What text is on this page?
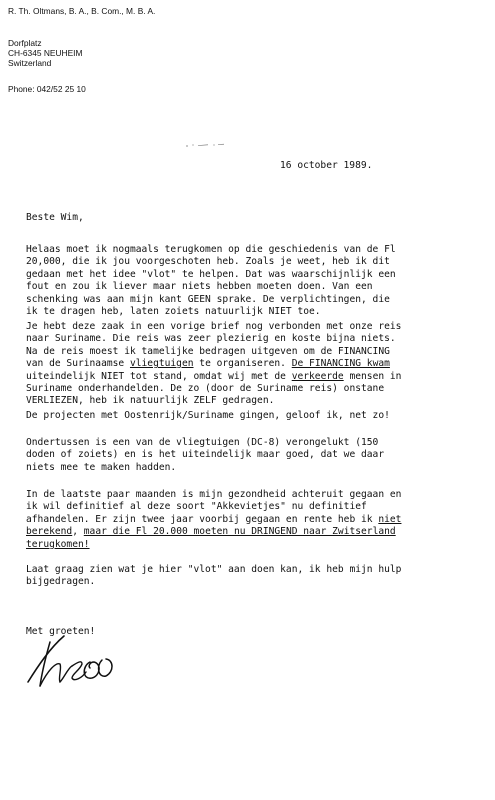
R. Th. Oltmans, B. A., B. Com., M. B. A.
Dorfplatz
CH-6345 NEUHEIM
Switzerland
Phone: 042/52 25 10
16 october 1989.
Beste Wim,
Helaas moet ik nogmaals terugkomen op die geschiedenis van de Fl
20,000, die ik jou voorgeschoten heb. Zoals je weet, heb ik dit
gedaan met het idee "vlot" te helpen. Dat was waarschijnlijk een
fout en zou ik liever maar niets hebben moeten doen. Van een
schenking was aan mijn kant GEEN sprake. De verplichtingen, die
ik te dragen heb, laten zoiets natuurlijk NIET toe.
Je hebt deze zaak in een vorige brief nog verbonden met onze reis
naar Suriname. Die reis was zeer plezierig en koste bijna niets.
Na de reis moest ik tamelijke bedragen uitgeven om de FINANCING
van de Surinaamse vliegtuigen te organiseren. De FINANCING kwam
uiteindelijk NIET tot stand, omdat wij met de verkeerde mensen in
Suriname onderhandelden. De zo (door de Suriname reis) onstane
VERLIEZEN, heb ik natuurlijk ZELF gedragen.
De projecten met Oostenrijk/Suriname gingen, geloof ik, net zo!
Ondertussen is een van de vliegtuigen (DC-8) verongelukt (150
doden of zoiets) en is het uiteindelijk maar goed, dat we daar
niets mee te maken hadden.
In de laatste paar maanden is mijn gezondheid achteruit gegaan en
ik wil definitief al deze soort "Akkevietjes" nu definitief
afhandelen. Er zijn twee jaar voorbij gegaan en rente heb ik niet
berekend, maar die Fl 20.000 moeten nu DRINGEND naar Zwitserland
terugkomen!
Laat graag zien wat je hier "vlot" aan doen kan, ik heb mijn hulp
bijgedragen.
Met groeten!
